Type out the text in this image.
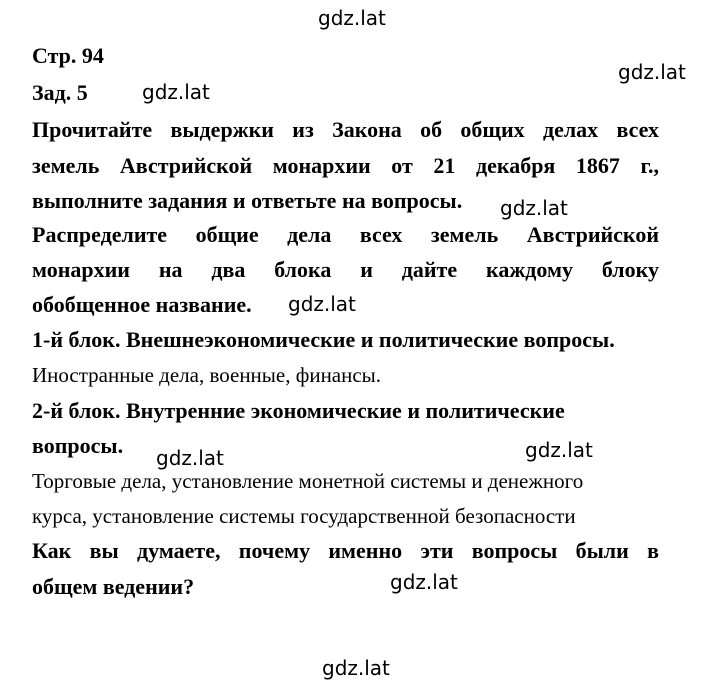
gdz.lat
gdz.lat
gdz.lat
gdz.lat
gdz.lat
gdz.lat	gdz.lat
gdz.lat
gdz.lat
Стр. 94
Зад. 5
Прочитайте выдержки из Закона об общих делах всех
земель Австрийской монархии от 21 декабря 1867 г.,
выполните задания и ответьте на вопросы.
Распределите общие дела всех земель Австрийской
монархии на два блока и дайте каждому блоку
обобщенное название.
1-й блок. Внешнеэкономические и политические вопросы.
Иностранные дела, военные, финансы.
2-й блок. Внутренние экономические и политические
вопросы.
Торговые дела, установление монетной системы и денежного
курса, установление системы государственной безопасности
Как вы думаете, почему именно эти вопросы были в
общем ведении?
